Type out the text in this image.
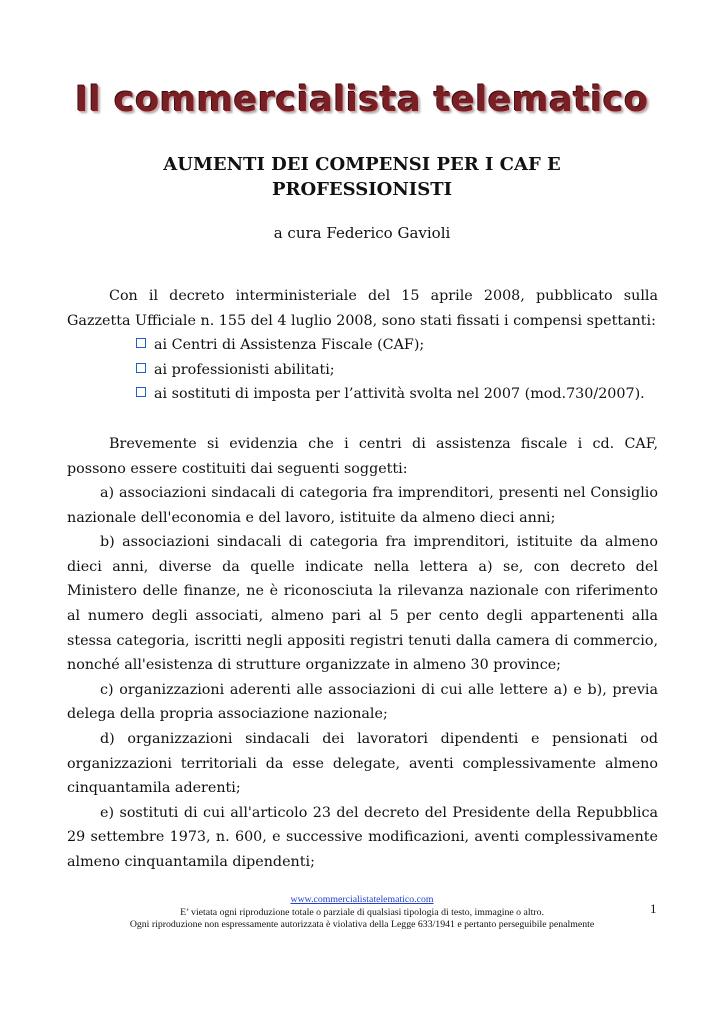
Il commercialista telematico
AUMENTI DEI COMPENSI PER I CAF E
PROFESSIONISTI
a cura Federico Gavioli
Con il decreto interministeriale del 15 aprile 2008, pubblicato sulla Gazzetta Ufficiale n. 155 del 4 luglio 2008, sono stati fissati i compensi spettanti:
ai Centri di Assistenza Fiscale (CAF);
ai professionisti abilitati;
ai sostituti di imposta per l’attività svolta nel 2007 (mod.730/2007).
Brevemente si evidenzia che i centri di assistenza fiscale i cd. CAF, possono essere costituiti dai seguenti soggetti:

a) associazioni sindacali di categoria fra imprenditori, presenti nel Consiglio nazionale dell'economia e del lavoro, istituite da almeno dieci anni;

b) associazioni sindacali di categoria fra imprenditori, istituite da almeno dieci anni, diverse da quelle indicate nella lettera a) se, con decreto del Ministero delle finanze, ne è riconosciuta la rilevanza nazionale con riferimento al numero degli associati, almeno pari al 5 per cento degli appartenenti alla stessa categoria, iscritti negli appositi registri tenuti dalla camera di commercio, nonché all'esistenza di strutture organizzate in almeno 30 province;

c) organizzazioni aderenti alle associazioni di cui alle lettere a) e b), previa delega della propria associazione nazionale;

d) organizzazioni sindacali dei lavoratori dipendenti e pensionati od organizzazioni territoriali da esse delegate, aventi complessivamente almeno cinquantamila aderenti;

e) sostituti di cui all'articolo 23 del decreto del Presidente della Repubblica 29 settembre 1973, n. 600, e successive modificazioni, aventi complessivamente almeno cinquantamila dipendenti;

www.commercialistatelematico.com
E’ vietata ogni riproduzione totale o parziale di qualsiasi tipologia di testo, immagine o altro.
Ogni riproduzione non espressamente autorizzata è violativa della Legge 633/1941 e pertanto perseguibile penalmente
1
